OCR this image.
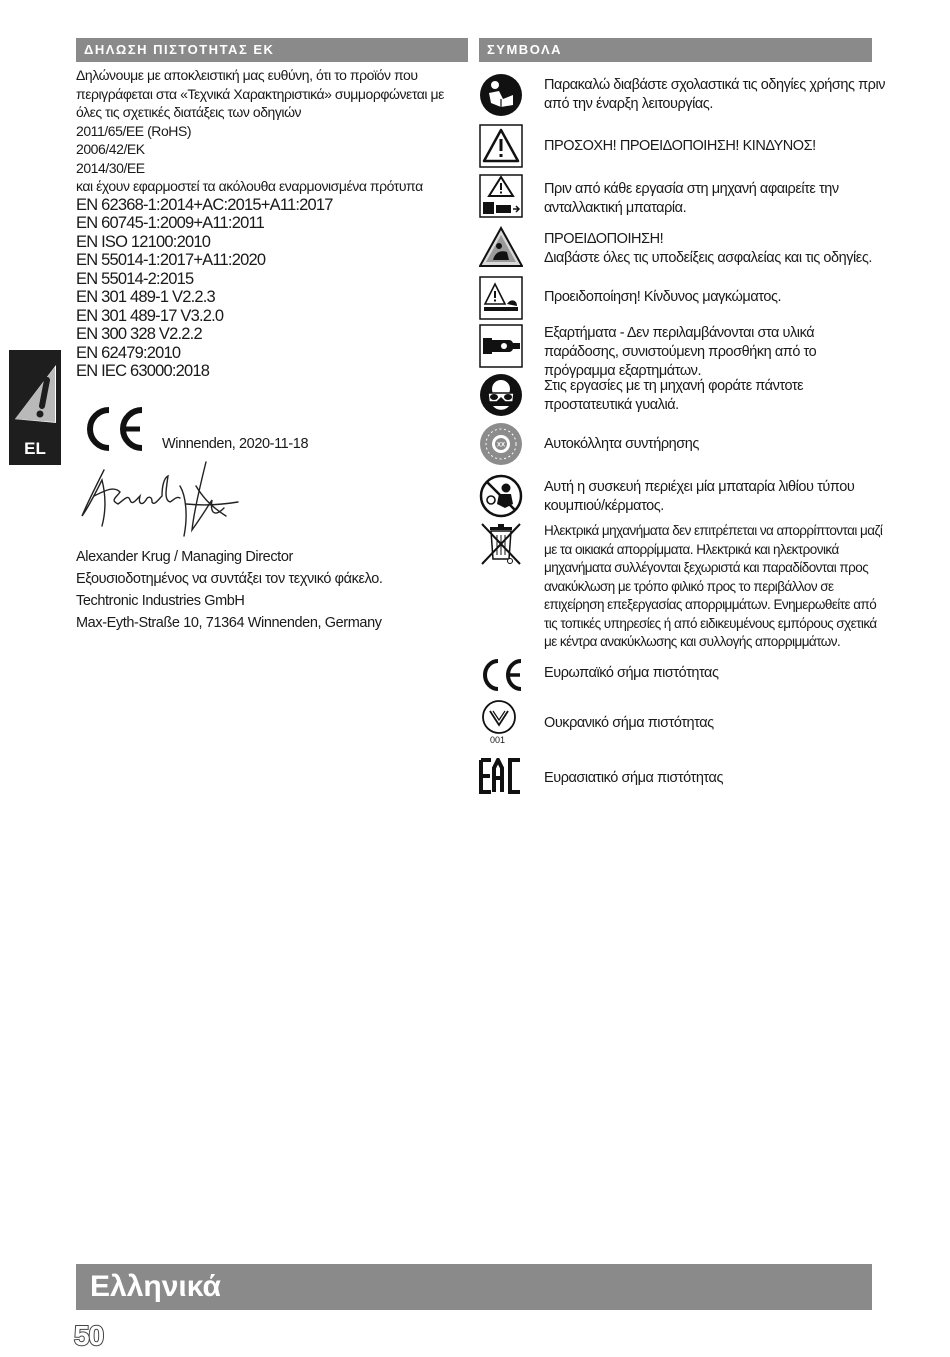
EL
ΔΗΛΩΣΗ ΠΙΣΤΟΤΗΤΑΣ ΕΚ	ΣΥΜΒΟΛΑ
Δηλώνουμε με αποκλειστική μας ευθύνη, ότι το προϊόν που
περιγράφεται στα «Τεχνικά Χαρακτηριστικά» συμμορφώνεται με
όλες τις σχετικές διατάξεις των οδηγιών
2011/65/EE (RoHS)
2006/42/EK
2014/30/EE
και έχουν εφαρμοστεί τα ακόλουθα εναρμονισμένα πρότυπα
EN 62368-1:2014+AC:2015+A11:2017
EN 60745-1:2009+A11:2011
EN ISO 12100:2010
EN 55014-1:2017+A11:2020
EN 55014-2:2015
EN 301 489-1 V2.2.3
EN 301 489-17 V3.2.0
EN 300 328 V2.2.2
EN 62479:2010
EN IEC 63000:2018
Winnenden, 2020-11-18
Alexander Krug / Managing Director
Εξουσιοδοτημένος να συντάξει τον τεχνικό φάκελο.
Techtronic Industries GmbH
Max-Eyth-Straße 10, 71364 Winnenden, Germany
Παρακαλώ διαβάστε σχολαστικά τις οδηγίες χρήσης πριν από την έναρξη λειτουργίας.
ΠΡΟΣΟΧΗ! ΠΡΟΕΙΔΟΠΟΙΗΣΗ! ΚΙΝΔΥΝΟΣ!
Πριν από κάθε εργασία στη μηχανή αφαιρείτε την ανταλλακτική μπαταρία.
ΠΡΟΕΙΔΟΠΟΙΗΣΗ!
Διαβάστε όλες τις υποδείξεις ασφαλείας και τις οδηγίες.
Προειδοποίηση! Κίνδυνος μαγκώματος.
Εξαρτήματα - Δεν περιλαμβάνονται στα υλικά παράδοσης, συνιστούμενη προσθήκη από το πρόγραμμα εξαρτημάτων.
Στις εργασίες με τη μηχανή φοράτε πάντοτε προστατευτικά γυαλιά.
XX	Αυτοκόλλητα συντήρησης
Αυτή η συσκευή περιέχει μία μπαταρία λιθίου τύπου κουμπιού/κέρματος.
Ηλεκτρικά μηχανήματα δεν επιτρέπεται να απορρίπτονται μαζί με τα οικιακά απορρίμματα. Ηλεκτρικά και ηλεκτρονικά μηχανήματα συλλέγονται ξεχωριστά και παραδίδονται προς ανακύκλωση με τρόπο φιλικό προς το περιβάλλον σε επιχείρηση επεξεργασίας απορριμμάτων. Ενημερωθείτε από τις τοπικές υπηρεσίες ή από ειδικευμένους εμπόρους σχετικά με κέντρα ανακύκλωσης και συλλογής απορριμμάτων.
Ευρωπαϊκό σήμα πιστότητας
001
Ουκρανικό σήμα πιστότητας
Ευρασιατικό σήμα πιστότητας
Ελληνικά
50
